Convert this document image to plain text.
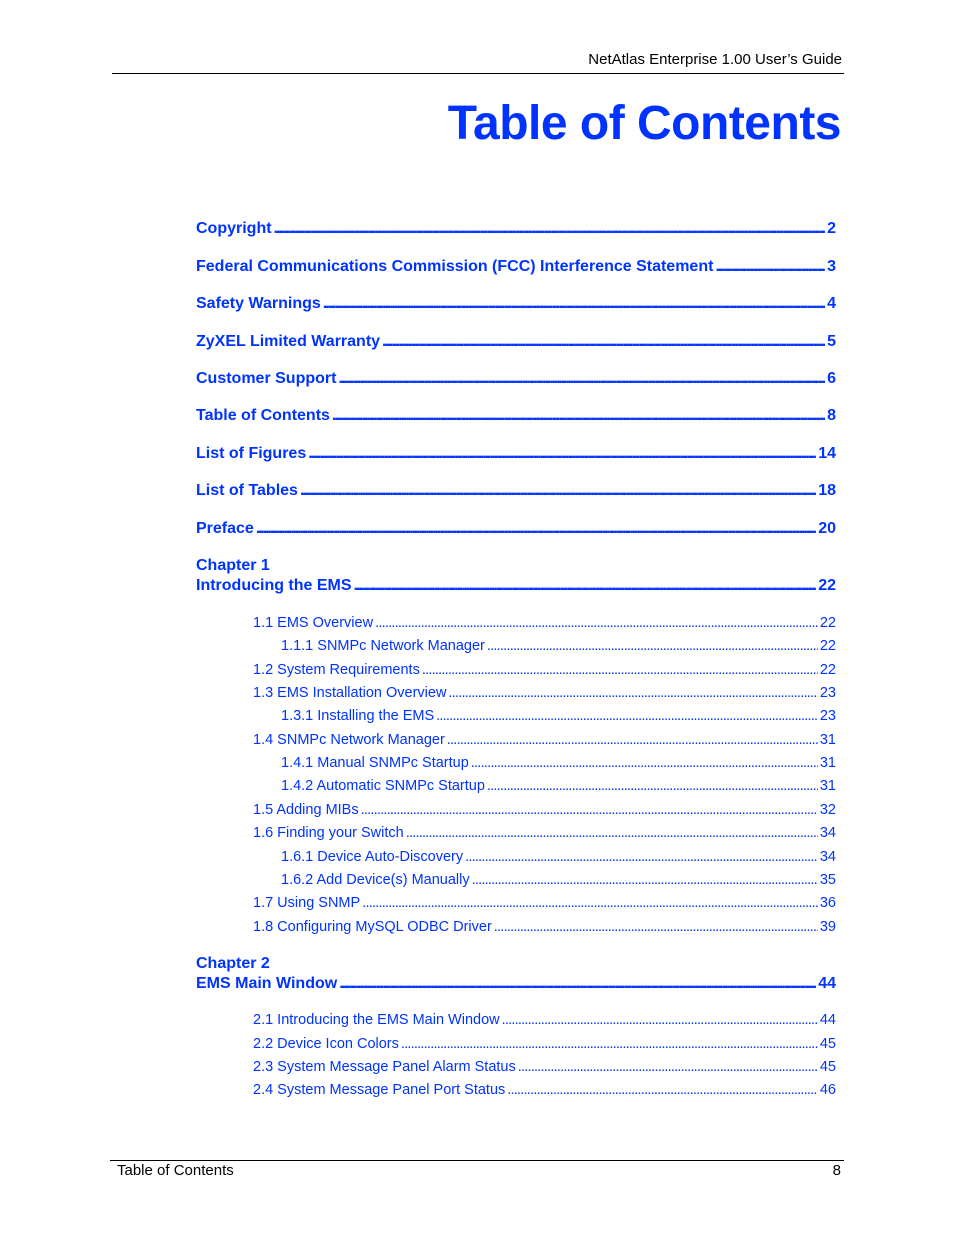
NetAtlas Enterprise 1.00 User’s Guide
Table of Contents
Copyright . . .	2
Federal Communications Commission (FCC) Interference Statement . . .	3
Safety Warnings . . .	4
ZyXEL Limited Warranty . . .	5
Customer Support . . .	6
Table of Contents . . .	8
List of Figures . . .	14
List of Tables . . .	18
Preface . . .	20
Chapter 1
Introducing the EMS . . .	22
1.1 EMS Overview . . .	22
1.1.1 SNMPc Network Manager . . .	22
1.2 System Requirements . . .	22
1.3 EMS Installation Overview . . .	23
1.3.1 Installing the EMS . . .	23
1.4 SNMPc Network Manager . . .	31
1.4.1 Manual SNMPc Startup . . .	31
1.4.2 Automatic SNMPc Startup . . .	31
1.5 Adding MIBs . . .	32
1.6 Finding your Switch . . .	34
1.6.1 Device Auto-Discovery . . .	34
1.6.2 Add Device(s) Manually . . .	35
1.7 Using SNMP . . .	36
1.8 Configuring MySQL ODBC Driver . . .	39
Chapter 2
EMS Main Window . . .	44
2.1 Introducing the EMS Main Window . . .	44
2.2 Device Icon Colors . . .	45
2.3 System Message Panel Alarm Status . . .	45
2.4 System Message Panel Port Status . . .	46
Table of Contents	8
